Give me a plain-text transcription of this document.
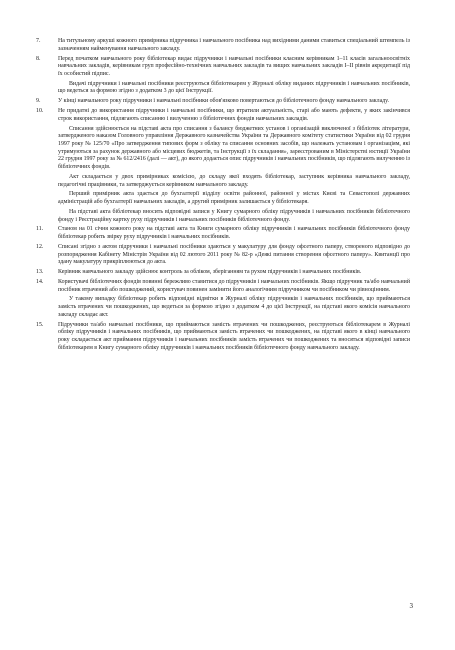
7.	На титульному аркуші кожного примірника підручника і навчального посібника над вихідними даними ставиться спеціальний штемпель із зазначенням найменування навчального закладу.
8.	Перед початком навчального року бібліотекар видає підручники і навчальні посібники класним керівникам 1–11 класів загальноосвітніх навчальних закладів, керівникам груп професійно-технічних навчальних закладів та вищих навчальних закладів І–ІІ рівнів акредитації під їх особистий підпис.

Видачі підручники і навчальні посібники реєструються бібліотекарем у Журналі обліку виданих підручників і навчальних посібників, що ведеться за формою згідно з додатком 3 до цієї Інструкції.

9.	У кінці навчального року підручники і навчальні посібники обов'язково повертаються до бібліотечного фонду навчального закладу.
10.	Не придатні до використання підручники і навчальні посібники, що втратили актуальність, старі або мають дефекти, у яких закінчився строк використання, підлягають списанню і вилученню з бібліотечних фондів навчальних закладів.

Списання здійснюється на підставі акта про списання з балансу бюджетних установ і організацій виключеної з бібліотек літератури, затвердженого наказом Головного управління Державного казначейства України та Державного комітету статистики України від 02 грудня 1997 року № 125/70 «Про затвердження типових форм з обліку та списання основних засобів, що належать установам і організаціям, які утримуються за рахунок державного або місцевих бюджетів, та Інструкції з їх складання», зареєстрованим в Міністерстві юстиції України 22 грудня 1997 року за № 612/2416 (далі — акт), до якого додається опис підручників і навчальних посібників, що підлягають вилученню із бібліотечних фондів.

Акт складається у двох примірниках комісією, до складу якої входять бібліотекар, заступник керівника навчального закладу, педагогічні працівники, та затверджується керівником навчального закладу.

Перший примірник акта здається до бухгалтерії відділу освіти районної, районної у містах Києві та Севастополі державних адміністрацій або бухгалтерії навчальних закладів, а другий примірник залишається у бібліотекаря.

На підставі акта бібліотекар вносить відповідні записи у Книгу сумарного обліку підручників і навчальних посібників бібліотечного фонду і Реєстраційну картку руху підручників і навчальних посібників бібліотечного фонду.

11.	Станом на 01 січня кожного року на підставі акта та Книги сумарного обліку підручників і навчальних посібників бібліотечного фонду бібліотекар робить звірку руху підручників і навчальних посібників.
12.	Списані згідно з актом підручники і навчальні посібники здаються у макулатуру для фонду офсетного паперу, створеного відповідно до розпорядження Кабінету Міністрів України від 02 лютого 2011 року № 82-р «Деякі питання створення офсетного паперу». Квитанції про здану макулатуру прикріплюються до акта.
13.	Керівник навчального закладу здійснює контроль за обліком, зберіганням та рухом підручників і навчальних посібників.
14.	Користувачі бібліотечних фондів повинні бережливо ставитися до підручників і навчальних посібників. Якщо підручник та/або навчальний посібник втрачений або пошкоджений, користувач повинен замінити його аналогічним підручником чи посібником чи рівноцінним.

У такому випадку бібліотекар робить відповідні відмітки в Журналі обліку підручників і навчальних посібників, що приймаються замість втрачених чи пошкоджених, що ведеться за формою згідно з додатком 4 до цієї Інструкції, на підставі якого комісія навчального закладу складає акт.

15.	Підручники та/або навчальні посібники, що приймаються замість втрачених чи пошкоджених, реєструються бібліотекарем в Журналі обліку підручників і навчальних посібників, що приймаються замість втрачених чи пошкоджених, на підставі якого в кінці навчального року складається акт приймання підручників і навчальних посібників замість втрачених чи пошкоджених та вносяться відповідні записи бібліотекарем в Книгу сумарного обліку підручників і навчальних посібників бібліотечного фонду навчального закладу.
3
